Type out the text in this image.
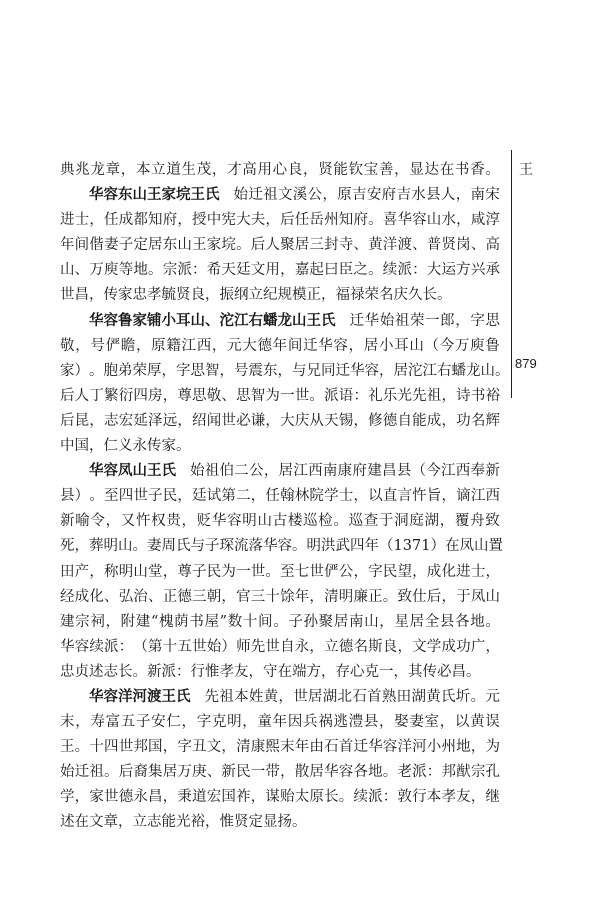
王
879
典 兆 龙 章 ， 本 立 道 生 茂 ， 才 高 用 心 良 ， 贤 能 钦 宝 善 ， 显 达 在 书 香 。
华容东山王家垸王氏 始 迁 祖 文 溪 公 ， 原 吉 安 府 吉 水 县 人 ， 南 宋
进 士 ， 任 成 都 知 府 ， 授 中 宪 大 夫 ， 后 任 岳 州 知 府 。 喜 华 容 山 水 ， 咸 淳
年 间 偕 妻 子 定 居 东 山 王 家 垸 。 后 人 聚 居 三 封 寺 、 黄 洋 渡 、 普 贤 岗 、 高
山 、 万 庾 等 地 。 宗 派 ： 希 天 廷 文 用 ， 嘉 起 曰 臣 之 。 续 派 ： 大 运 方 兴 承
世昌，传家忠孝毓贤良，振纲立纪规模正，福禄荣名庆久长。
华容鲁家铺小耳山、沱江右蟠龙山王氏 迁 华 始 祖 荣 一 郎 ， 字 思
敬 ， 号 俨 瞻 ， 原 籍 江 西 ， 元 大 德 年 间 迁 华 容 ， 居 小 耳 山 （ 今 万 庾 鲁
家 ） 。 胞 弟 荣 厚 ， 字 思 智 ， 号 震 东 ， 与 兄 同 迁 华 容 ， 居 沱 江 右 蟠 龙 山 。
后 人 丁 繁 衍 四 房 ， 尊 思 敬 、 思 智 为 一 世 。 派 语 ： 礼 乐 光 先 祖 ， 诗 书 裕
后 昆 ， 志 宏 延 泽 远 ， 绍 闻 世 必 谦 ， 大 庆 从 天 锡 ， 修 德 自 能 成 ， 功 名 辉
中国，仁义永传家。
华容凤山王氏 始 祖 伯 二 公 ， 居 江 西 南 康 府 建 昌 县 （ 今 江 西 奉 新
县 ） 。 至 四 世 子 民 ， 廷 试 第 二 ， 任 翰 林 院 学 士 ， 以 直 言 忤 旨 ， 谪 江 西
新 喻 令 ， 又 忤 权 贵 ， 贬 华 容 明 山 古 楼 巡 检 。 巡 查 于 洞 庭 湖 ， 覆 舟 致
死 ， 葬 明 山 。 妻 周 氏 与 子 琛 流 落 华 容 。 明 洪 武 四 年 （ 1 3 7 1 ） 在 凤 山 置
田 产 ， 称 明 山 堂 ， 尊 子 民 为 一 世 。 至 七 世 俨 公 ， 字 民 望 ， 成 化 进 士 ，
经 成 化 、 弘 治 、 正 德 三 朝 ， 官 三 十 馀 年 ， 清 明 廉 正 。 致 仕 后 ， 于 凤 山
建 宗 祠 ， 附 建 “ 槐 荫 书 屋 ” 数 十 间 。 子 孙 聚 居 南 山 ， 星 居 全 县 各 地 。
华 容 续 派 ： （ 第 十 五 世 始 ） 师 先 世 自 永 ， 立 德 名 斯 良 ， 文 学 成 功 广 ，
忠贞述志长。新派：行惟孝友，守在端方，存心克一，其传必昌。
华容洋河渡王氏 先 祖 本 姓 黄 ， 世 居 湖 北 石 首 熟 田 湖 黄 氏 圻 。 元
末 ， 寿 富 五 子 安 仁 ， 字 克 明 ， 童 年 因 兵 祸 逃 澧 县 ， 娶 妻 室 ， 以 黄 误
王 。 十 四 世 邦 国 ， 字 丑 文 ， 清 康 熙 末 年 由 石 首 迁 华 容 洋 河 小 州 地 ， 为
始 迁 祖 。 后 裔 集 居 万 庚 、 新 民 一 带 ， 散 居 华 容 各 地 。 老 派 ： 邦 猷 宗 孔
学 ， 家 世 德 永 昌 ， 秉 道 宏 国 祚 ， 谋 贻 太 原 长 。 续 派 ： 敦 行 本 孝 友 ， 继
述在文章，立志能光裕，惟贤定显扬。
